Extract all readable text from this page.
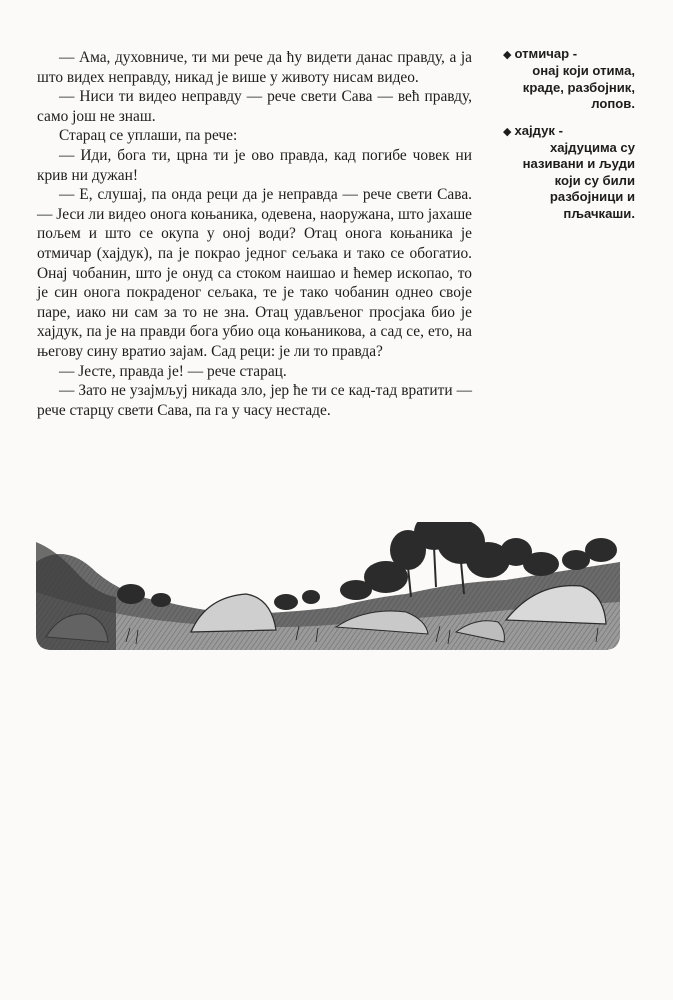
— Ама, духовниче, ти ми рече да ћу видети данас правду, а ја што видех неправду, никад је више у животу нисам видео.

— Ниси ти видео неправду — рече свети Сава — већ правду, само још не знаш.

Старац се уплаши, па рече:

— Иди, бога ти, црна ти је ово правда, кад погибе човек ни крив ни дужан!

— Е, слушај, па онда реци да је неправда — рече свети Сава. — Јеси ли видео онога коњаника, одевена, наоружана, што јахаше пољем и што се окупа у оној води? Отац онога коњаника је отмичар (хајдук), па је покрао једног сељака и тако се обогатио. Онај чобанин, што је онуд са стоком наишао и ћемер ископао, то је син онога покраденог сељака, те је тако чобанин однео своје паре, иако ни сам за то не зна. Отац удављеног просјака био је хајдук, па је на правди бога убио оца коњаникова, а сад се, ето, на његову сину вратио зајам. Сад реци: је ли то правда?

— Јесте, правда је! — рече старац.

— Зато не узајмљуј никада зло, јер ће ти се кад-тад вратити — рече старцу свети Сава, па га у часу нестаде.

◆ отмичар -
онај који отима, краде, разбојник, лопов.
◆ хајдук -
хајдуцима су називани и људи који су били разбојници и пљачкаши.
